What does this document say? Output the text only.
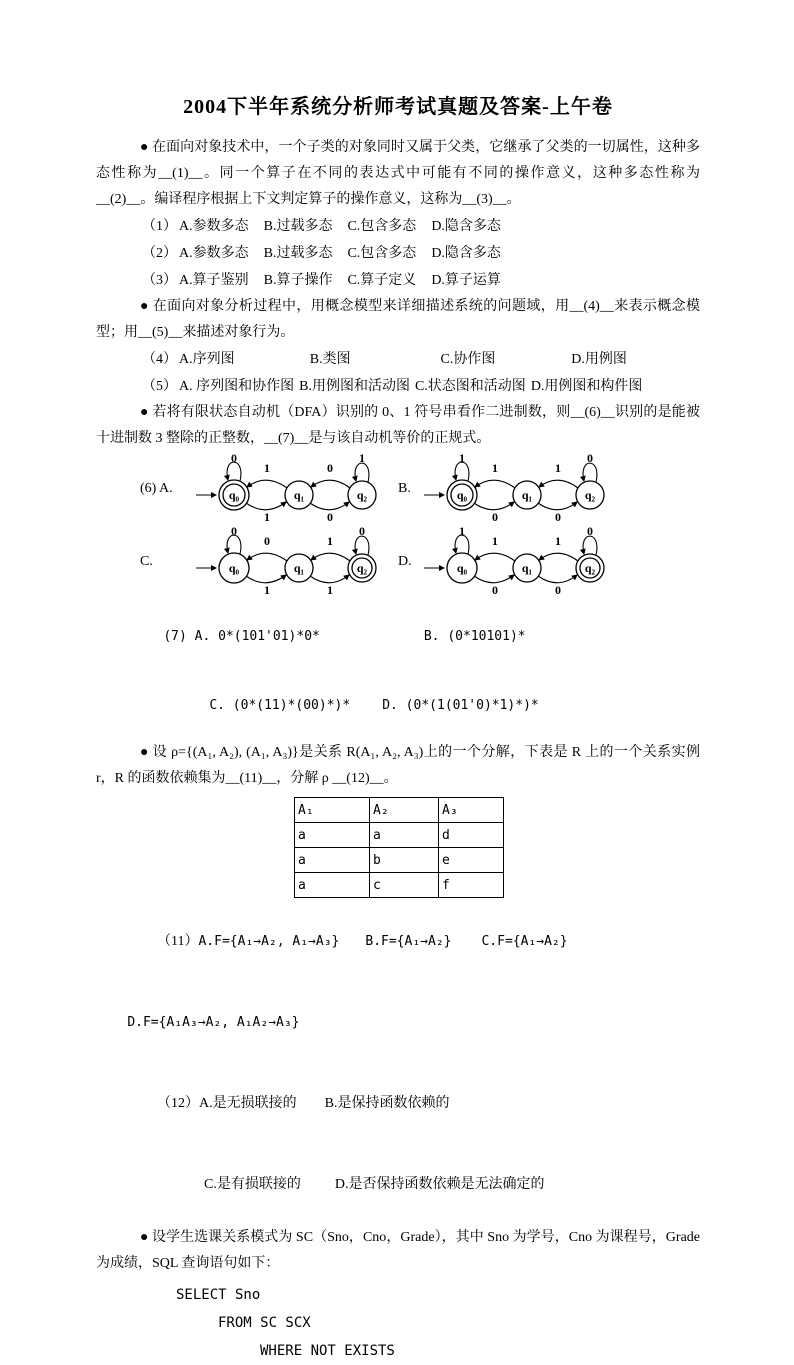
2004下半年系统分析师考试真题及答案-上午卷

● 在面向对象技术中，一个子类的对象同时又属于父类，它继承了父类的一切属性，这种多态性称为__(1)__。同一个算子在不同的表达式中可能有不同的操作意义，这种多态性称为__(2)__。编译程序根据上下文判定算子的操作意义，这称为__(3)__。

（1） A.参数多态 B.过载多态 C.包含多态 D.隐含多态
（2） A.参数多态 B.过载多态 C.包含多态 D.隐含多态
（3） A.算子鉴别 B.算子操作 C.算子定义 D.算子运算

● 在面向对象分析过程中，用概念模型来详细描述系统的问题域，用__(4)__来表示概念模型；用__(5)__来描述对象行为。

（4） A.序列图	B.类图	C.协作图	D.用例图
（5） A. 序列图和协作图 B.用例图和活动图 C.状态图和活动图 D.用例图和构件图

● 若将有限状态自动机（DFA）识别的 0、1 符号串看作二进制数，则__(6)__识别的是能被十进制数 3 整除的正整数，__(7)__是与该自动机等价的正规式。

(6) A.
0
1
1
0
0
1
q₀	q₁	q₂ B.
1
1
0
1
0
0
q₀	q₁	q₂
C.
0
0
1
1
1
0
q₀	q₁	q₂ D.
1
1
0
1
0
0
q₀	q₁	q₂

(7) A. 0*(101'01)*0*	B. (0*10101)*

C. (0*(11)*(00)*)* D. (0*(1(01'0)*1)*)*

● 设 ρ={(A₁, A₂), (A₁, A₃)}是关系 R(A₁, A₂, A₃)上的一个分解，下表是 R 上的一个关系实例 r，R 的函数依赖集为__(11)__，分解 ρ __(12)__。

A₁	A₂	A₃
a	a	d
a	b	e
a	c	f

（11）A.F={A₁→A₂, A₁→A₃} B.F={A₁→A₂} C.F={A₁→A₂}

D.F={A₁A₃→A₂, A₁A₂→A₃}

（12）A.是无损联接的 B.是保持函数依赖的

C.是有损联接的 D.是否保持函数依赖是无法确定的

● 设学生选课关系模式为 SC（Sno，Cno，Grade），其中 Sno 为学号，Cno 为课程号，Grade 为成绩，SQL 查询语句如下：

SELECT Sno
FROM SC SCX
WHERE NOT EXISTS
